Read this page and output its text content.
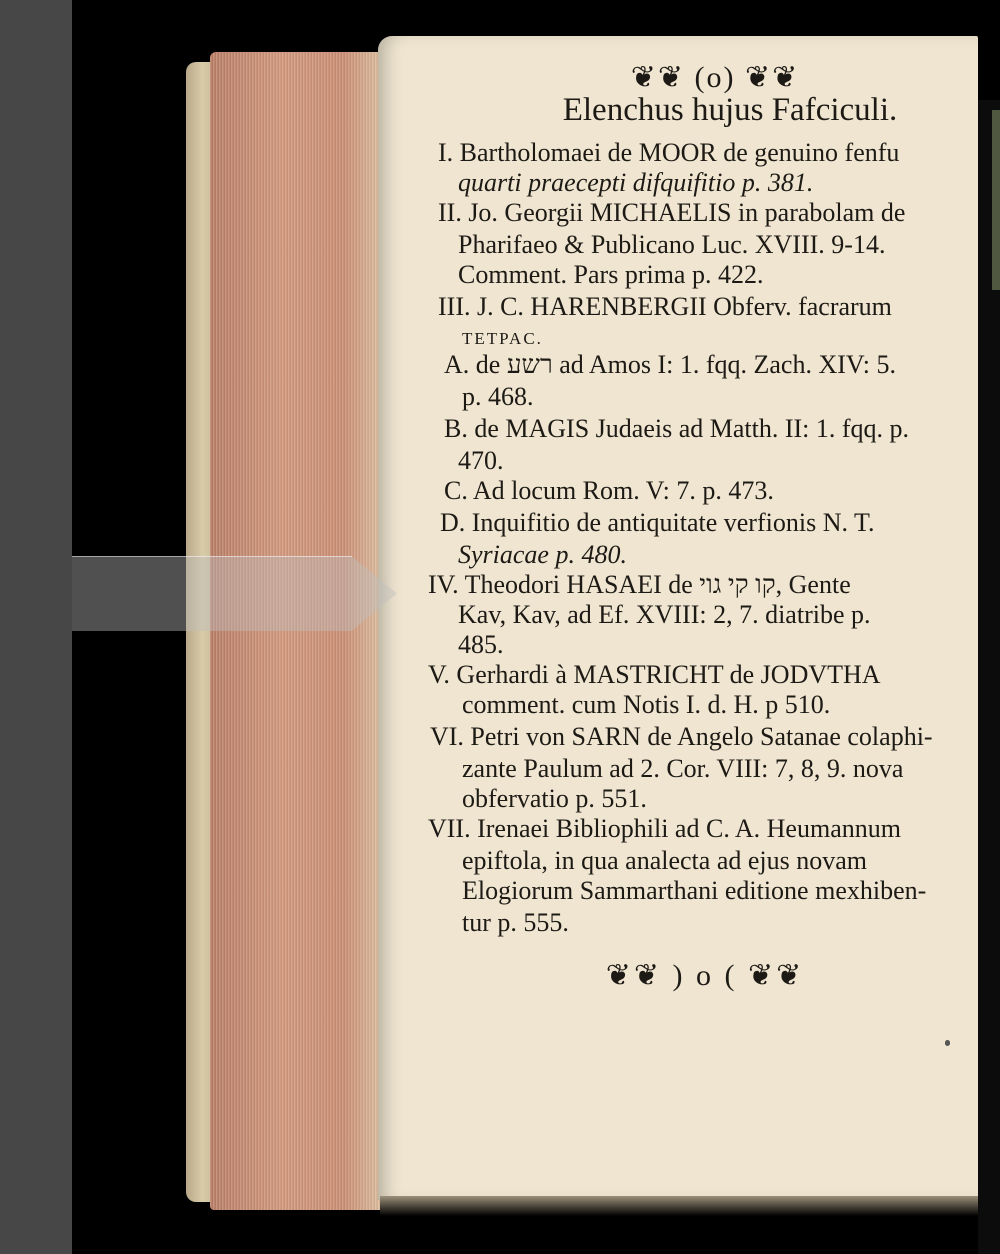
❦❦ (o) ❦❦
Elenchus hujus Fafciculi.
I. Bartholomaei de MOOR de genuino fenfu
quarti praecepti difquifitio p. 381.
II. Jo. Georgii MICHAELIS in parabolam de
Pharifaeo & Publicano Luc. XVIII. 9-14.
Comment. Pars prima p. 422.
III. J. C. HARENBERGII Obferv. facrarum
TETPAC.
A. de רשע ad Amos I: 1. fqq. Zach. XIV: 5.
p. 468.
B. de MAGIS Judaeis ad Matth. II: 1. fqq. p.
470.
C. Ad locum Rom. V: 7. p. 473.
D. Inquifitio de antiquitate verfionis N. T.
Syriacae p. 480.
IV. Theodori HASAEI de קו קי גוי, Gente
Kav, Kav, ad Ef. XVIII: 2, 7. diatribe p.
485.
V. Gerhardi à MASTRICHT de JODVTHA
comment. cum Notis I. d. H. p 510.
VI. Petri von SARN de Angelo Satanae colaphi-
zante Paulum ad 2. Cor. VIII: 7, 8, 9. nova
obfervatio p. 551.
VII. Irenaei Bibliophili ad C. A. Heumannum
epiftola, in qua analecta ad ejus novam
Elogiorum Sammarthani editione mexhiben-
tur p. 555.
❦❦ ) o ( ❦❦
